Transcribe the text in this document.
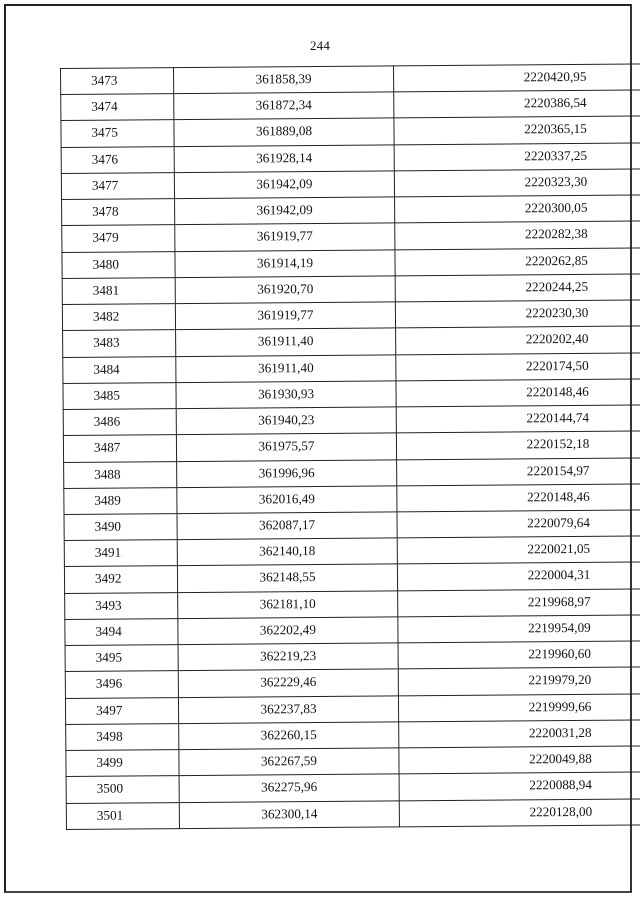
244
3473	361858,39	2220420,95
3474	361872,34	2220386,54
3475	361889,08	2220365,15
3476	361928,14	2220337,25
3477	361942,09	2220323,30
3478	361942,09	2220300,05
3479	361919,77	2220282,38
3480	361914,19	2220262,85
3481	361920,70	2220244,25
3482	361919,77	2220230,30
3483	361911,40	2220202,40
3484	361911,40	2220174,50
3485	361930,93	2220148,46
3486	361940,23	2220144,74
3487	361975,57	2220152,18
3488	361996,96	2220154,97
3489	362016,49	2220148,46
3490	362087,17	2220079,64
3491	362140,18	2220021,05
3492	362148,55	2220004,31
3493	362181,10	2219968,97
3494	362202,49	2219954,09
3495	362219,23	2219960,60
3496	362229,46	2219979,20
3497	362237,83	2219999,66
3498	362260,15	2220031,28
3499	362267,59	2220049,88
3500	362275,96	2220088,94
3501	362300,14	2220128,00
